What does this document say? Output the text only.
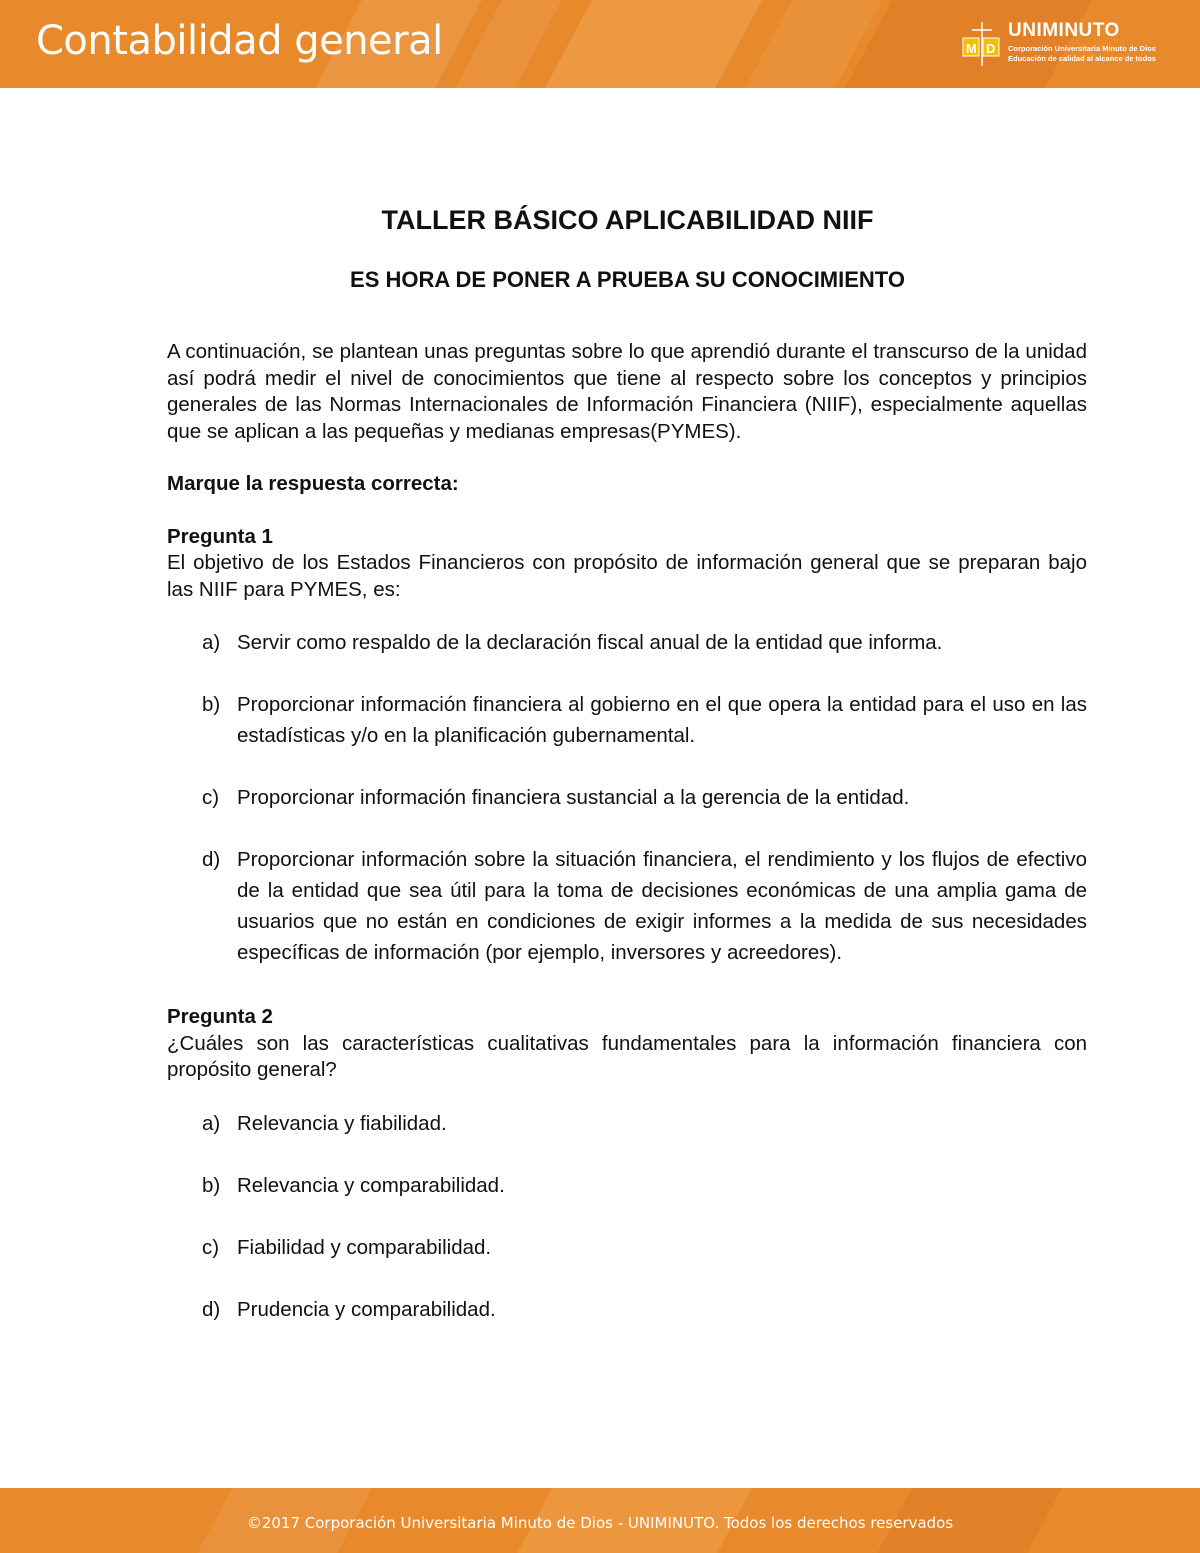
Contabilidad general	M D
UNIMINUTO
Corporación Universitaria Minuto de Dios
Educación de calidad al alcance de todos
TALLER BÁSICO APLICABILIDAD NIIF
ES HORA DE PONER A PRUEBA SU CONOCIMIENTO

A continuación, se plantean unas preguntas sobre lo que aprendió durante el transcurso de la unidad así podrá medir el nivel de conocimientos que tiene al respecto sobre los conceptos y principios generales de las Normas Internacionales de Información Financiera (NIIF), especialmente aquellas que se aplican a las pequeñas y medianas empresas(PYMES).

Marque la respuesta correcta:

Pregunta 1

El objetivo de los Estados Financieros con propósito de información general que se preparan bajo las NIIF para PYMES, es:

a) Servir como respaldo de la declaración fiscal anual de la entidad que informa.
b) Proporcionar información financiera al gobierno en el que opera la entidad para el uso en las estadísticas y/o en la planificación gubernamental.
c) Proporcionar información financiera sustancial a la gerencia de la entidad.
d) Proporcionar información sobre la situación financiera, el rendimiento y los flujos de efectivo de la entidad que sea útil para la toma de decisiones económicas de una amplia gama de usuarios que no están en condiciones de exigir informes a la medida de sus necesidades específicas de información (por ejemplo, inversores y acreedores).

Pregunta 2

¿Cuáles son las características cualitativas fundamentales para la información financiera con propósito general?

a) Relevancia y fiabilidad.
b) Relevancia y comparabilidad.
c) Fiabilidad y comparabilidad.
d) Prudencia y comparabilidad.
©2017 Corporación Universitaria Minuto de Dios - UNIMINUTO. Todos los derechos reservados
